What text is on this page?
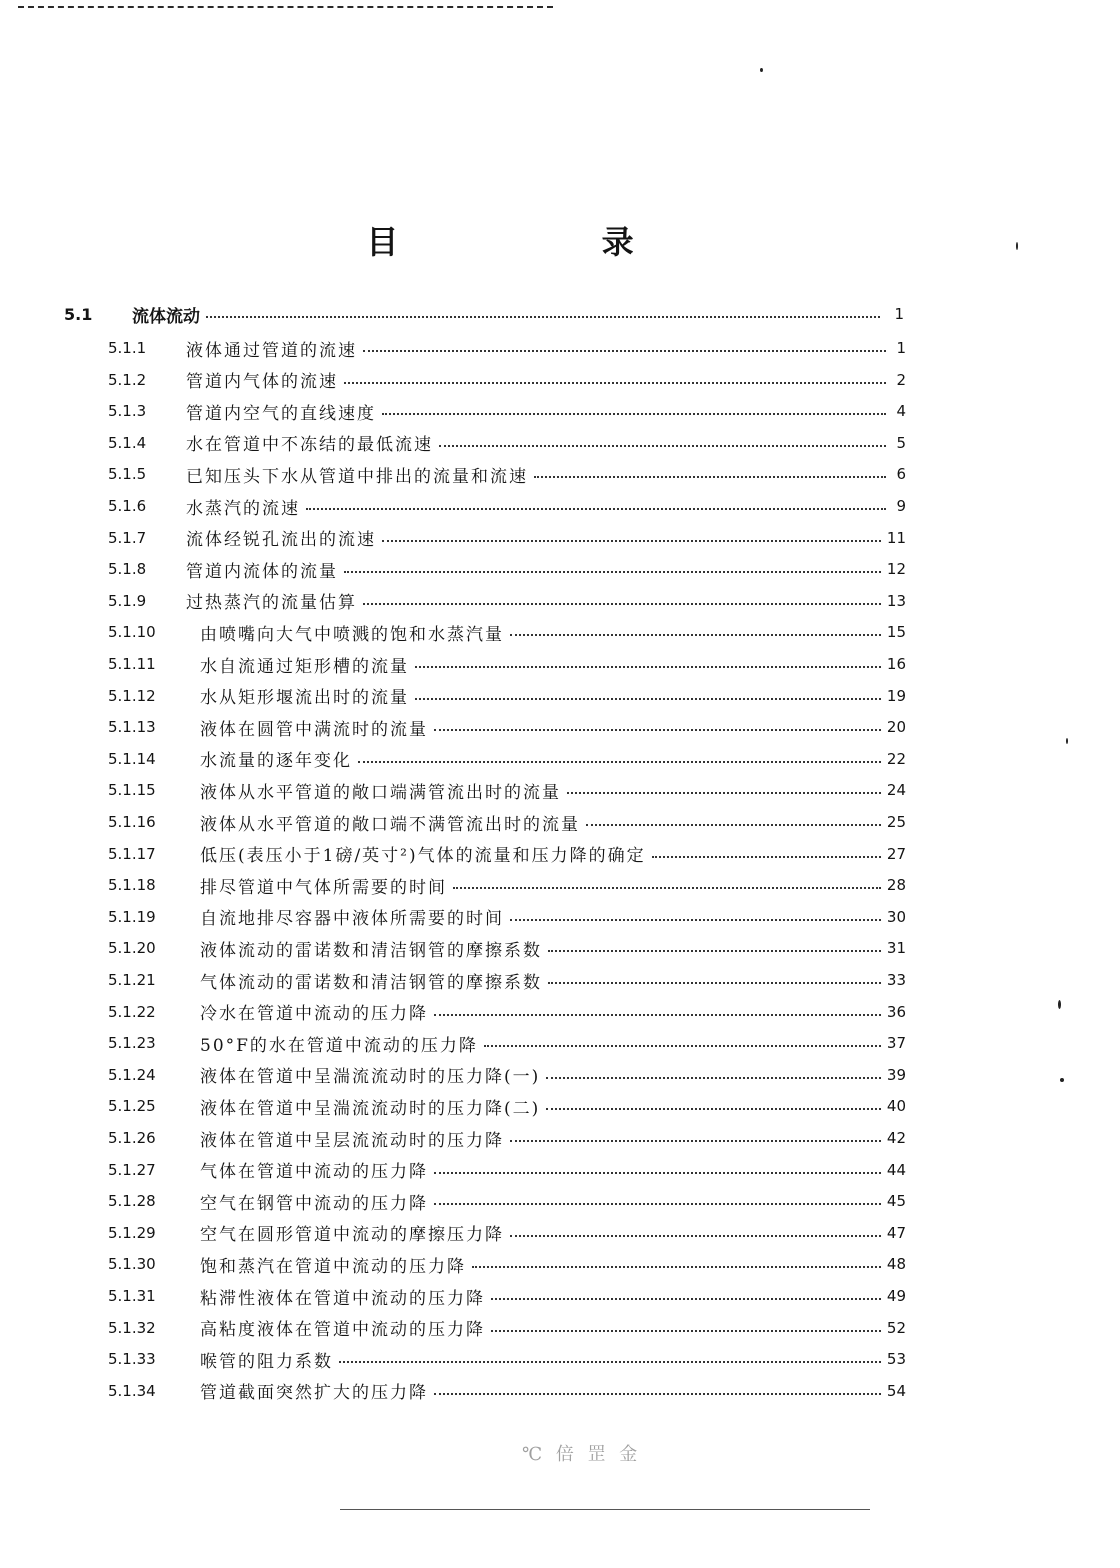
目 录
5.1	流体流动	1
5.1.1	液体通过管道的流速	1
5.1.2	管道内气体的流速	2
5.1.3	管道内空气的直线速度	4
5.1.4	水在管道中不冻结的最低流速	5
5.1.5	已知压头下水从管道中排出的流量和流速	6
5.1.6	水蒸汽的流速	9
5.1.7	流体经锐孔流出的流速	11
5.1.8	管道内流体的流量	12
5.1.9	过热蒸汽的流量估算	13
5.1.10	由喷嘴向大气中喷溅的饱和水蒸汽量	15
5.1.11	水自流通过矩形槽的流量	16
5.1.12	水从矩形堰流出时的流量	19
5.1.13	液体在圆管中满流时的流量	20
5.1.14	水流量的逐年变化	22
5.1.15	液体从水平管道的敞口端满管流出时的流量	24
5.1.16	液体从水平管道的敞口端不满管流出时的流量	25
5.1.17	低压(表压小于1磅/英寸²)气体的流量和压力降的确定	27
5.1.18	排尽管道中气体所需要的时间	28
5.1.19	自流地排尽容器中液体所需要的时间	30
5.1.20	液体流动的雷诺数和清洁钢管的摩擦系数	31
5.1.21	气体流动的雷诺数和清洁钢管的摩擦系数	33
5.1.22	冷水在管道中流动的压力降	36
5.1.23	50°F的水在管道中流动的压力降	37
5.1.24	液体在管道中呈湍流流动时的压力降(一)	39
5.1.25	液体在管道中呈湍流流动时的压力降(二)	40
5.1.26	液体在管道中呈层流流动时的压力降	42
5.1.27	气体在管道中流动的压力降	44
5.1.28	空气在钢管中流动的压力降	45
5.1.29	空气在圆形管道中流动的摩擦压力降	47
5.1.30	饱和蒸汽在管道中流动的压力降	48
5.1.31	粘滞性液体在管道中流动的压力降	49
5.1.32	高粘度液体在管道中流动的压力降	52
5.1.33	喉管的阻力系数	53
5.1.34	管道截面突然扩大的压力降	54
℃ 倍 罡 金
